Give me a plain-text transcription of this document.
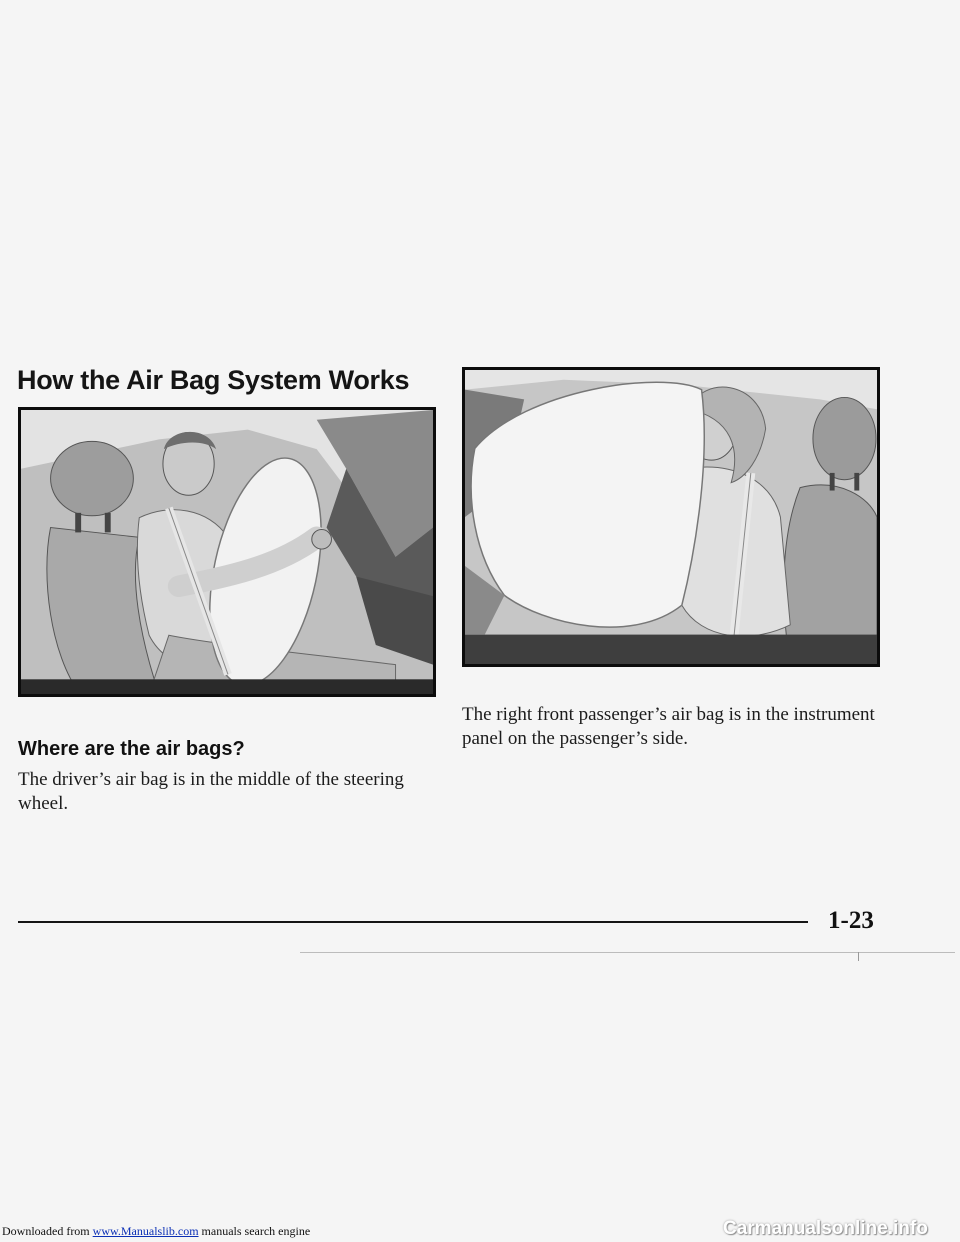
How the Air Bag System Works
Where are the air bags?

The driver’s air bag is in the middle of the steering wheel.

The right front passenger’s air bag is in the instrument panel on the passenger’s side.

1-23

Downloaded from www.Manualslib.com manuals search engine	Carmanualsonline.info
